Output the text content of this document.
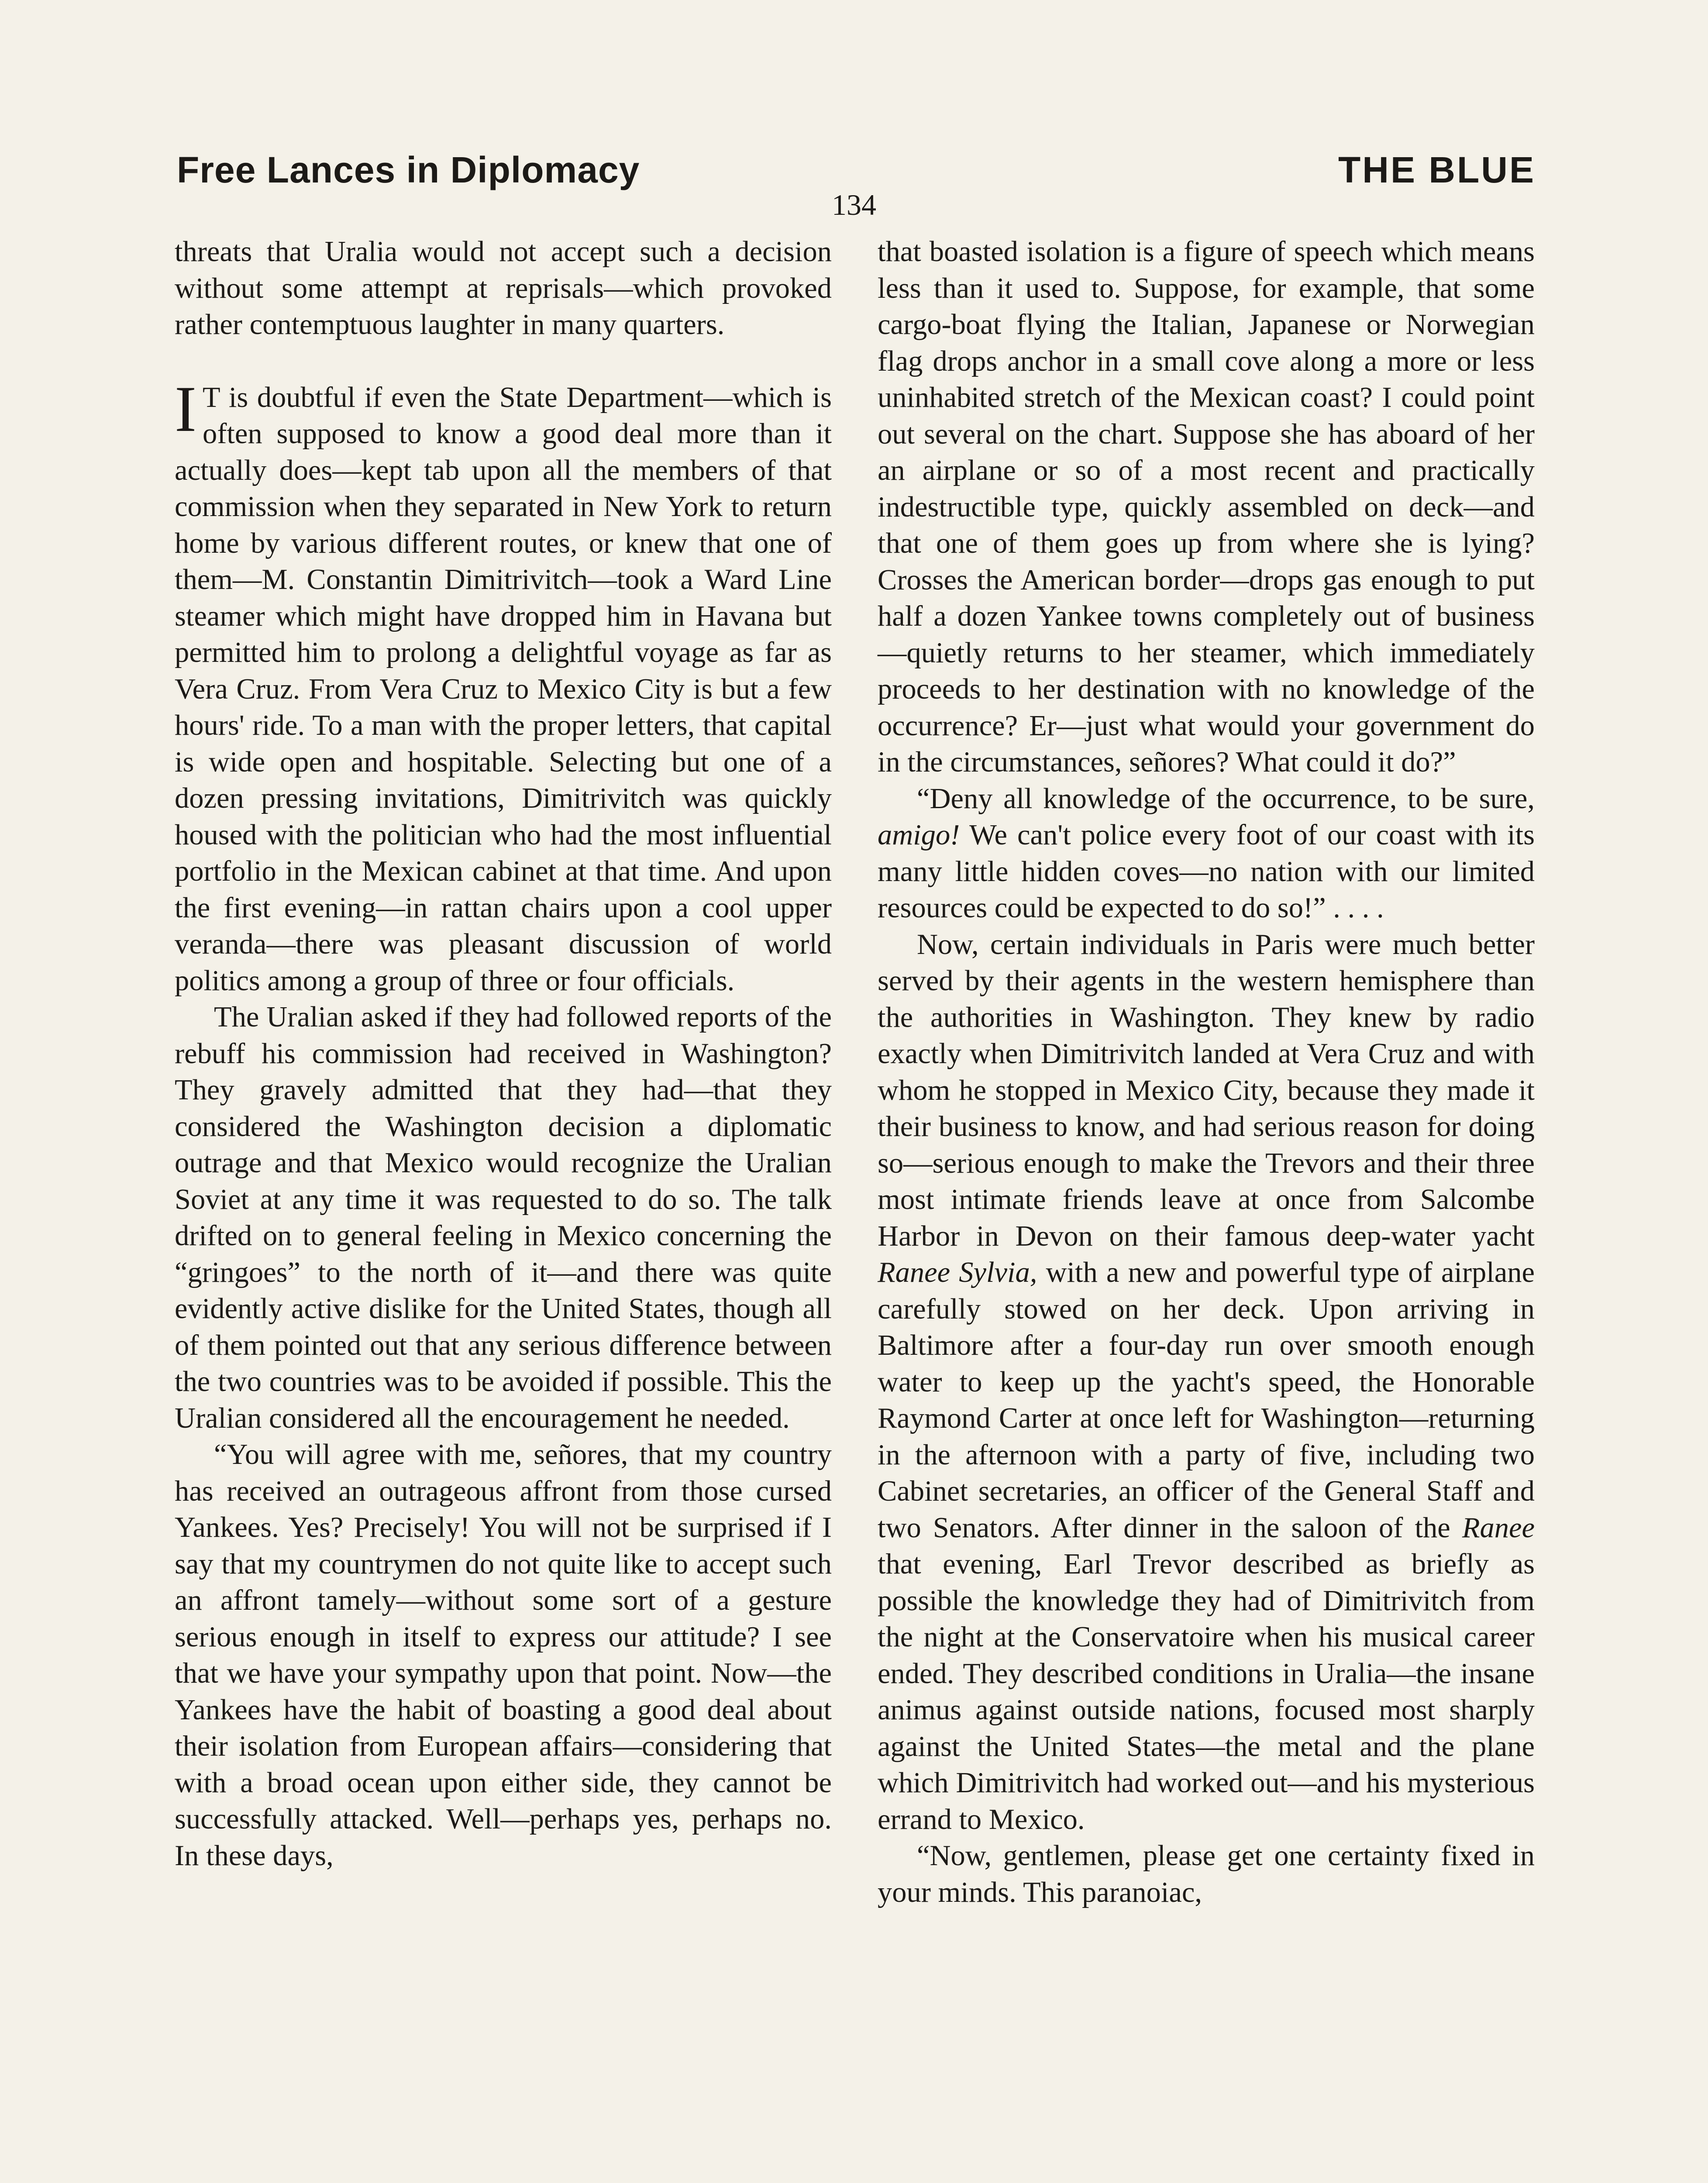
Free Lances in Diplomacy	THE BLUE
134

threats that Uralia would not accept such a decision without some attempt at reprisals—which provoked rather contemptuous laughter in many quarters.

I T is doubtful if even the State Department—which is often supposed to know a good deal more than it actually does—kept tab upon all the members of that commission when they separated in New York to return home by various different routes, or knew that one of them—M. Constantin Dimitrivitch—took a Ward Line steamer which might have dropped him in Havana but permitted him to prolong a delightful voyage as far as Vera Cruz. From Vera Cruz to Mexico City is but a few hours' ride. To a man with the proper letters, that capital is wide open and hospitable. Selecting but one of a dozen pressing invitations, Dimitrivitch was quickly housed with the politician who had the most influential portfolio in the Mexican cabinet at that time. And upon the first evening—in rattan chairs upon a cool upper veranda—there was pleasant discussion of world politics among a group of three or four officials.

The Uralian asked if they had followed reports of the rebuff his commission had received in Washington? They gravely admitted that they had—that they considered the Washington decision a diplomatic outrage and that Mexico would recognize the Uralian Soviet at any time it was requested to do so. The talk drifted on to general feeling in Mexico concerning the “gringoes” to the north of it—and there was quite evidently active dislike for the United States, though all of them pointed out that any serious difference between the two countries was to be avoided if possible. This the Uralian considered all the encouragement he needed.

“You will agree with me, señores, that my country has received an outrageous affront from those cursed Yankees. Yes? Precisely! You will not be surprised if I say that my countrymen do not quite like to accept such an affront tamely—without some sort of a gesture serious enough in itself to express our attitude? I see that we have your sympathy upon that point. Now—the Yankees have the habit of boasting a good deal about their isolation from European affairs—considering that with a broad ocean upon either side, they cannot be successfully attacked. Well—perhaps yes, perhaps no. In these days,

that boasted isolation is a figure of speech which means less than it used to. Suppose, for example, that some cargo-boat flying the Italian, Japanese or Norwegian flag drops anchor in a small cove along a more or less uninhabited stretch of the Mexican coast? I could point out several on the chart. Suppose she has aboard of her an airplane or so of a most recent and practically indestructible type, quickly assembled on deck—and that one of them goes up from where she is lying? Crosses the American border—drops gas enough to put half a dozen Yankee towns completely out of business—quietly returns to her steamer, which immediately proceeds to her destination with no knowledge of the occurrence? Er—just what would your government do in the circumstances, señores? What could it do?”

“Deny all knowledge of the occurrence, to be sure, amigo! We can't police every foot of our coast with its many little hidden coves—no nation with our limited resources could be expected to do so!” . . . .

Now, certain individuals in Paris were much better served by their agents in the western hemisphere than the authorities in Washington. They knew by radio exactly when Dimitrivitch landed at Vera Cruz and with whom he stopped in Mexico City, because they made it their business to know, and had serious reason for doing so—serious enough to make the Trevors and their three most intimate friends leave at once from Salcombe Harbor in Devon on their famous deep-water yacht Ranee Sylvia, with a new and powerful type of airplane carefully stowed on her deck. Upon arriving in Baltimore after a four-day run over smooth enough water to keep up the yacht's speed, the Honorable Raymond Carter at once left for Washington—returning in the afternoon with a party of five, including two Cabinet secretaries, an officer of the General Staff and two Senators. After dinner in the saloon of the Ranee that evening, Earl Trevor described as briefly as possible the knowledge they had of Dimitrivitch from the night at the Conservatoire when his musical career ended. They described conditions in Uralia—the insane animus against outside nations, focused most sharply against the United States—the metal and the plane which Dimitrivitch had worked out—and his mysterious errand to Mexico.

“Now, gentlemen, please get one certainty fixed in your minds. This paranoiac,
